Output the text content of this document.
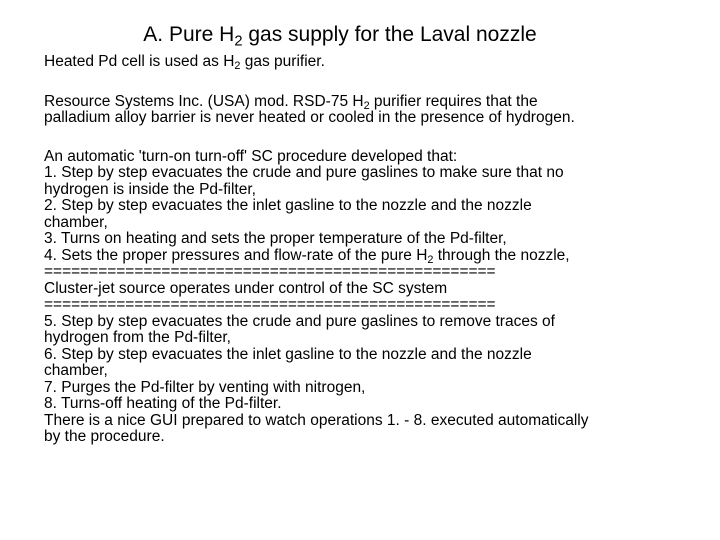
A. Pure $H_2$ gas supply for the Laval nozzle
Heated Pd cell is used as $H_2$ gas purifier.
Resource Systems Inc. (USA) mod. RSD-75 $H_2$ purifier requires that the
palladium alloy barrier is never heated or cooled in the presence of hydrogen.
An automatic 'turn-on turn-off' SC procedure developed that:
1. Step by step evacuates the crude and pure gaslines to make sure that no
hydrogen is inside the Pd-filter,
2. Step by step evacuates the inlet gasline to the nozzle and the nozzle
chamber,
3. Turns on heating and sets the proper temperature of the Pd-filter,
4. Sets the proper pressures and flow-rate of the pure $H_2$ through the nozzle,
==================================================
Cluster-jet source operates under control of the SC system
==================================================
5. Step by step evacuates the crude and pure gaslines to remove traces of
hydrogen from the Pd-filter,
6. Step by step evacuates the inlet gasline to the nozzle and the nozzle
chamber,
7. Purges the Pd-filter by venting with nitrogen,
8. Turns-off heating of the Pd-filter.
There is a nice GUI prepared to watch operations 1. - 8. executed automatically
by the procedure.
